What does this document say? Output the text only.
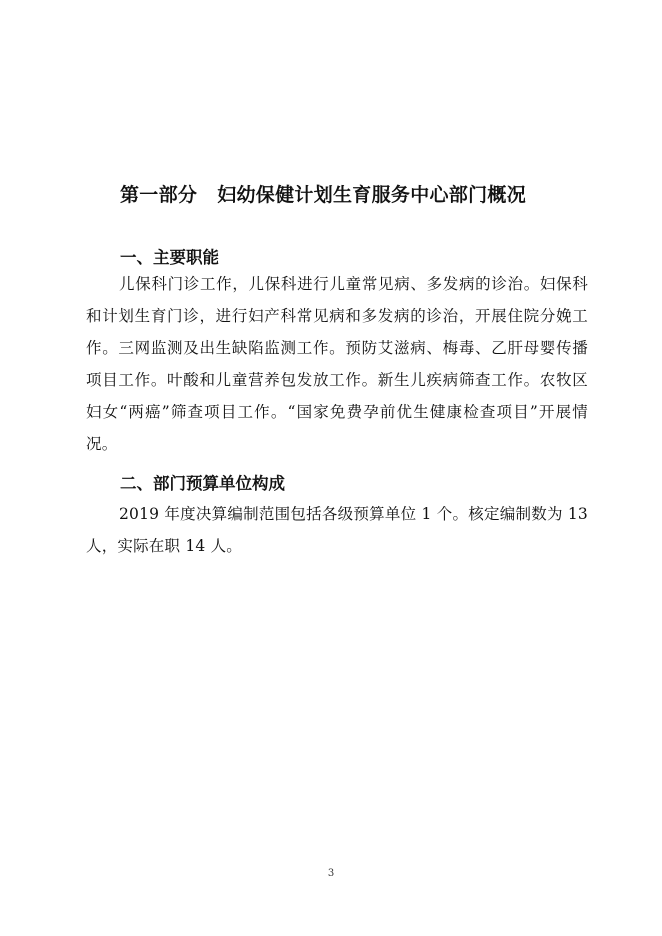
第一部分 妇幼保健计划生育服务中心部门概况
一、主要职能

儿保科门诊工作，儿保科进行儿童常见病、多发病的诊治。妇保科和计划生育门诊，进行妇产科常见病和多发病的诊治，开展住院分娩工作。三网监测及出生缺陷监测工作。预防艾滋病、梅毒、乙肝母婴传播项目工作。叶酸和儿童营养包发放工作。新生儿疾病筛查工作。农牧区妇女“两癌”筛查项目工作。“国家免费孕前优生健康检查项目”开展情况。

二、部门预算单位构成

2019 年度决算编制范围包括各级预算单位 1 个。核定编制数为 13 人，实际在职 14 人。

3
